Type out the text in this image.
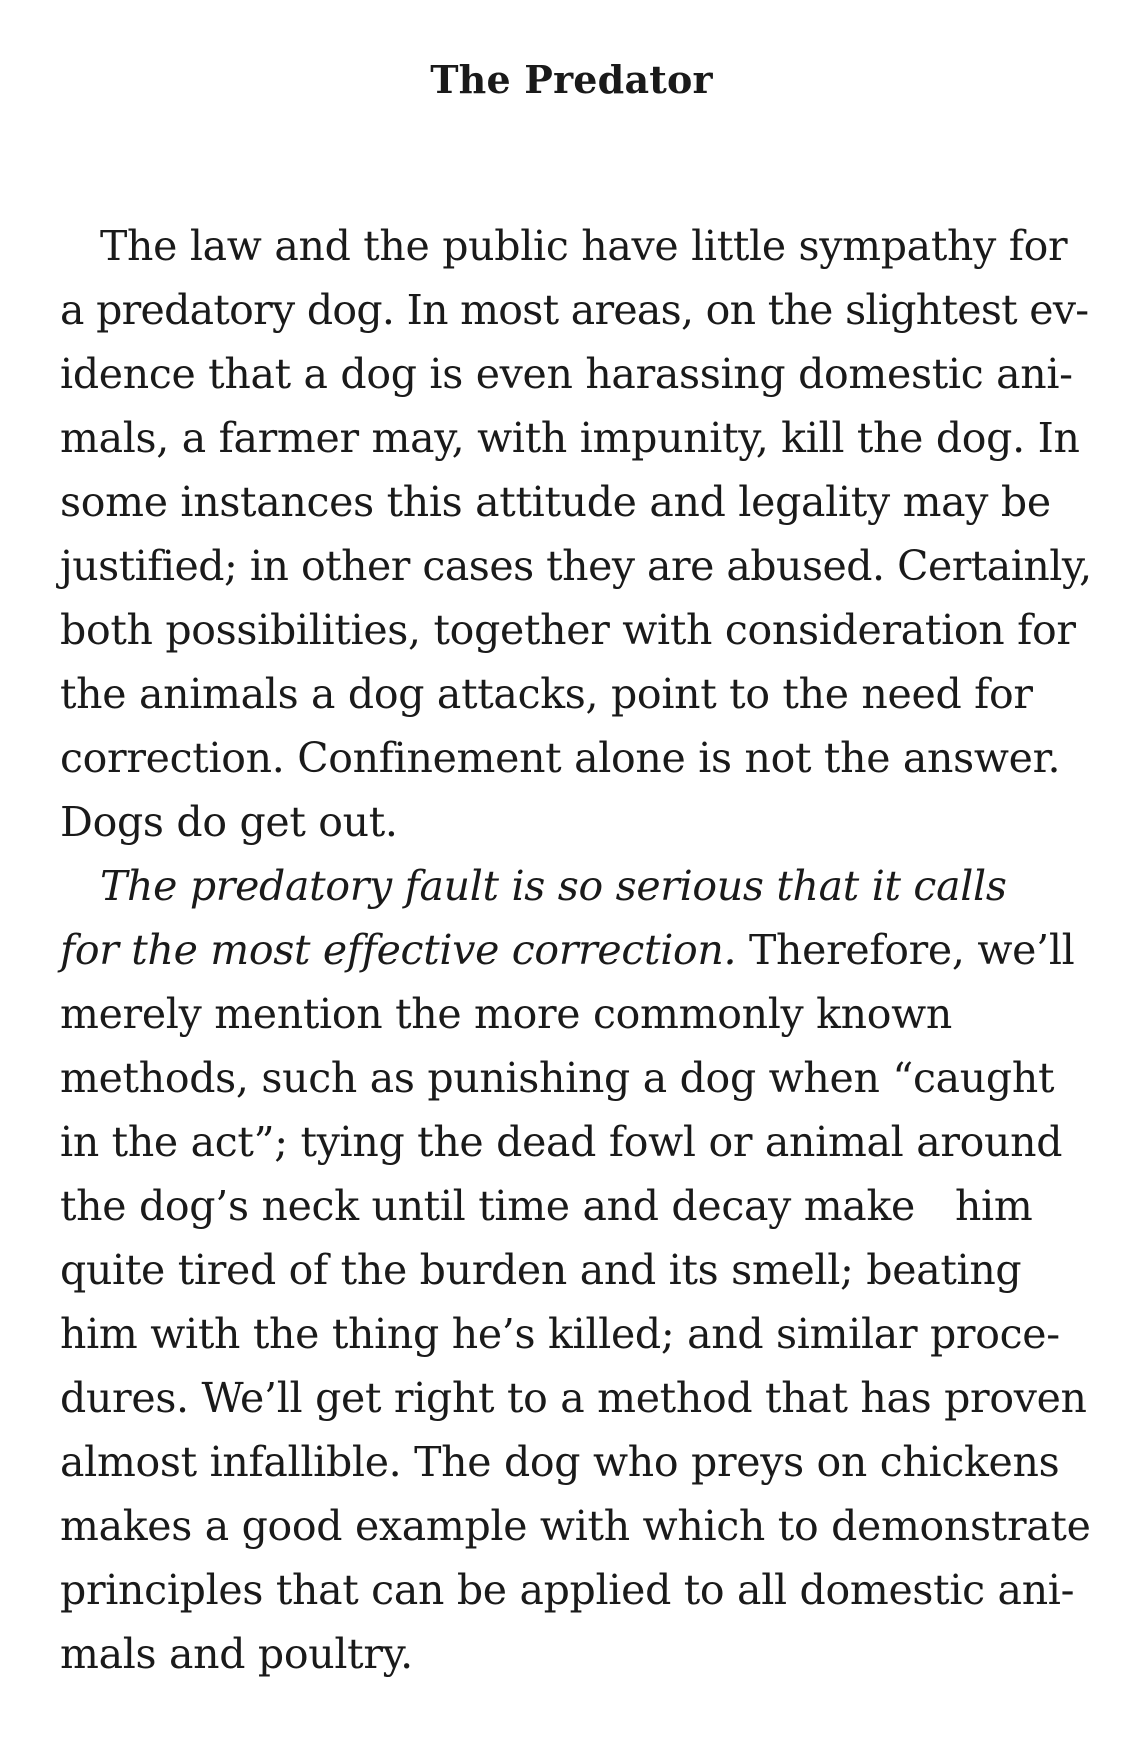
The Predator
The law and the public have little sympathy for
a predatory dog. In most areas, on the slightest ev-
idence that a dog is even harassing domestic ani-
mals, a farmer may, with impunity, kill the dog. In
some instances this attitude and legality may be
justified; in other cases they are abused. Certainly,
both possibilities, together with consideration for
the animals a dog attacks, point to the need for
correction. Confinement alone is not the answer.
Dogs do get out.
The predatory fault is so serious that it calls
for the most effective correction. Therefore, we’ll
merely mention the more commonly known
methods, such as punishing a dog when “caught
in the act”; tying the dead fowl or animal around
the dog’s neck until time and decay make him
quite tired of the burden and its smell; beating
him with the thing he’s killed; and similar proce-
dures. We’ll get right to a method that has proven
almost infallible. The dog who preys on chickens
makes a good example with which to demonstrate
principles that can be applied to all domestic ani-
mals and poultry.
